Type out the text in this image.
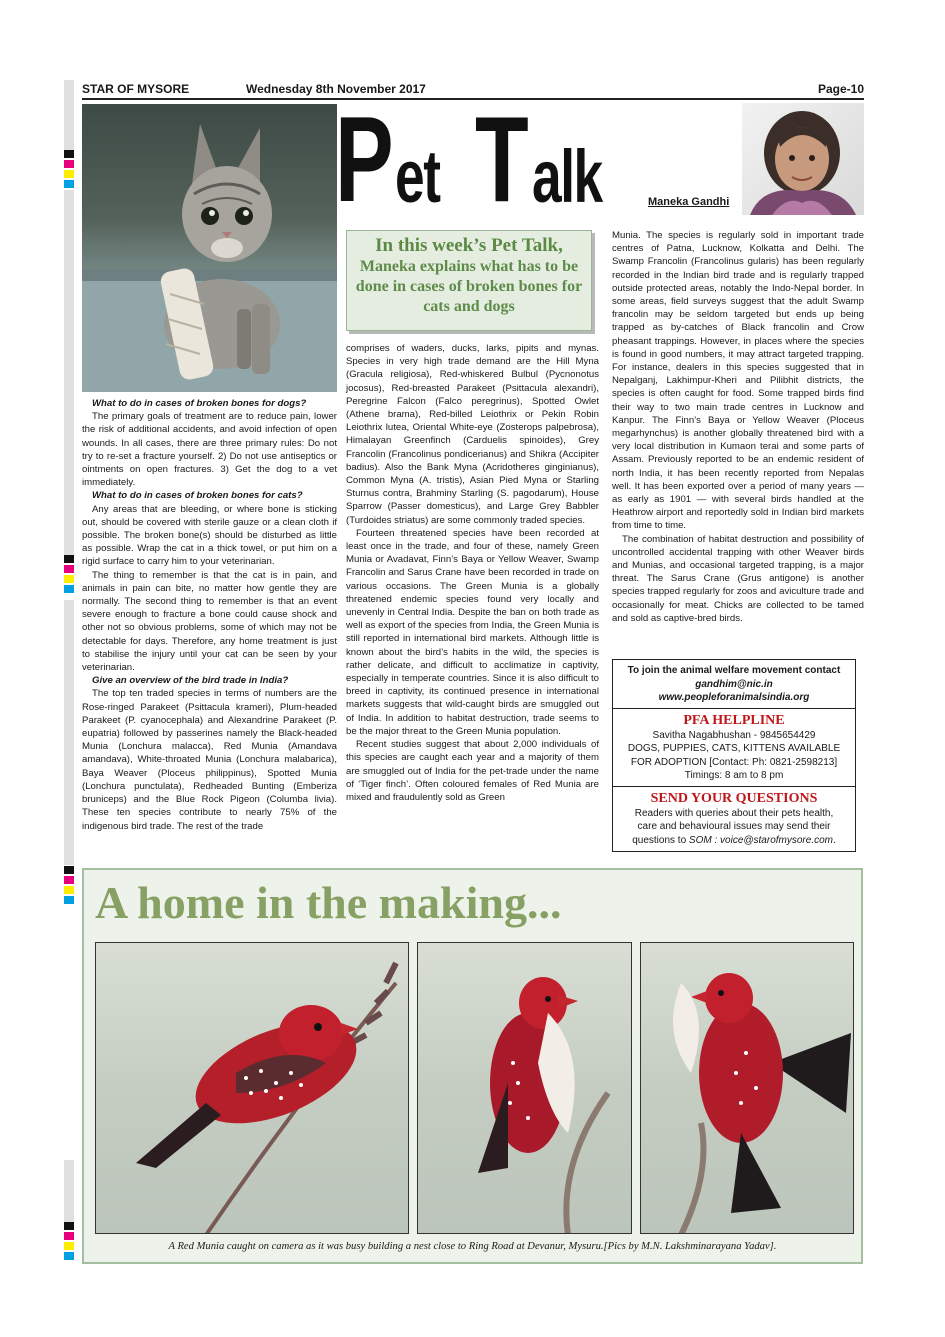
STAR OF MYSORE	Wednesday 8th November 2017	Page-10
P et T alk	Maneka Gandhi
In this week’s Pet Talk,
Maneka explains what has to be done in cases of broken bones for cats and dogs

What to do in cases of broken bones for dogs?

The primary goals of treatment are to reduce pain, lower the risk of additional accidents, and avoid infection of open wounds. In all cases, there are three primary rules: Do not try to re-set a fracture yourself. 2) Do not use antiseptics or ointments on open fractures. 3) Get the dog to a vet immediately.

What to do in cases of broken bones for cats?

Any areas that are bleeding, or where bone is sticking out, should be covered with sterile gauze or a clean cloth if possible. The broken bone(s) should be disturbed as little as possible. Wrap the cat in a thick towel, or put him on a rigid surface to carry him to your veterinarian.

The thing to remember is that the cat is in pain, and animals in pain can bite, no matter how gentle they are normally. The second thing to remember is that an event severe enough to fracture a bone could cause shock and other not so obvious problems, some of which may not be detectable for days. Therefore, any home treatment is just to stabilise the injury until your cat can be seen by your veterinarian.

Give an overview of the bird trade in India?

The top ten traded species in terms of numbers are the Rose-ringed Parakeet (Psittacula krameri), Plum-headed Parakeet (P. cyanocephala) and Alexandrine Parakeet (P. eupatria) followed by passerines namely the Black-headed Munia (Lonchura malacca), Red Munia (Amandava amandava), White-throated Munia (Lonchura malabarica), Baya Weaver (Ploceus philippinus), Spotted Munia (Lonchura punctulata), Redheaded Bunting (Emberiza bruniceps) and the Blue Rock Pigeon (Columba livia). These ten species contribute to nearly 75% of the indigenous bird trade. The rest of the trade

comprises of waders, ducks, larks, pipits and mynas. Species in very high trade demand are the Hill Myna (Gracula religiosa), Red-whiskered Bulbul (Pycnonotus jocosus), Red-breasted Parakeet (Psittacula alexandri), Peregrine Falcon (Falco peregrinus), Spotted Owlet (Athene brama), Red-billed Leiothrix or Pekin Robin Leiothrix lutea, Oriental White-eye (Zosterops palpebrosa), Himalayan Greenfinch (Carduelis spinoides), Grey Francolin (Francolinus pondicerianus) and Shikra (Accipiter badius). Also the Bank Myna (Acridotheres ginginianus), Common Myna (A. tristis), Asian Pied Myna or Starling Sturnus contra, Brahminy Starling (S. pagodarum), House Sparrow (Passer domesticus), and Large Grey Babbler (Turdoides striatus) are some commonly traded species.

Fourteen threatened species have been recorded at least once in the trade, and four of these, namely Green Munia or Avadavat, Finn’s Baya or Yellow Weaver, Swamp Francolin and Sarus Crane have been recorded in trade on various occasions. The Green Munia is a globally threatened endemic species found very locally and unevenly in Central India. Despite the ban on both trade as well as export of the species from India, the Green Munia is still reported in international bird markets. Although little is known about the bird’s habits in the wild, the species is rather delicate, and difficult to acclimatize in captivity, especially in temperate countries. Since it is also difficult to breed in captivity, its continued presence in international markets suggests that wild-caught birds are smuggled out of India. In addition to habitat destruction, trade seems to be the major threat to the Green Munia population.

Recent studies suggest that about 2,000 individuals of this species are caught each year and a majority of them are smuggled out of India for the pet-trade under the name of ‘Tiger finch’. Often coloured females of Red Munia are mixed and fraudulently sold as Green

Munia. The species is regularly sold in important trade centres of Patna, Lucknow, Kolkatta and Delhi. The Swamp Francolin (Francolinus gularis) has been regularly recorded in the Indian bird trade and is regularly trapped outside protected areas, notably the Indo-Nepal border. In some areas, field surveys suggest that the adult Swamp francolin may be seldom targeted but ends up being trapped as by-catches of Black francolin and Crow pheasant trappings. However, in places where the species is found in good numbers, it may attract targeted trapping. For instance, dealers in this species suggested that in Nepalganj, Lakhimpur-Kheri and Pilibhit districts, the species is often caught for food. Some trapped birds find their way to two main trade centres in Lucknow and Kanpur. The Finn’s Baya or Yellow Weaver (Ploceus megarhynchus) is another globally threatened bird with a very local distribution in Kumaon terai and some parts of Assam. Previously reported to be an endemic resident of north India, it has been recently reported from Nepalas well. It has been exported over a period of many years — as early as 1901 — with several birds handled at the Heathrow airport and reportedly sold in Indian bird markets from time to time.

The combination of habitat destruction and possibility of uncontrolled accidental trapping with other Weaver birds and Munias, and occasional targeted trapping, is a major threat. The Sarus Crane (Grus antigone) is another species trapped regularly for zoos and aviculture trade and occasionally for meat. Chicks are collected to be tamed and sold as captive-bred birds.

To join the animal welfare movement contact
gandhim@nic.in
www.peopleforanimalsindia.org
PFA HELPLINE
Savitha Nagabhushan - 9845654429
DOGS, PUPPIES, CATS, KITTENS AVAILABLE
FOR ADOPTION [Contact: Ph: 0821-2598213]
Timings: 8 am to 8 pm
SEND YOUR QUESTIONS
Readers with queries about their pets health,
care and behavioural issues may send their
questions to SOM : voice@starofmysore.com.
A home in the making...
A Red Munia caught on camera as it was busy building a nest close to Ring Road at Devanur, Mysuru.[Pics by M.N. Lakshminarayana Yadav].
